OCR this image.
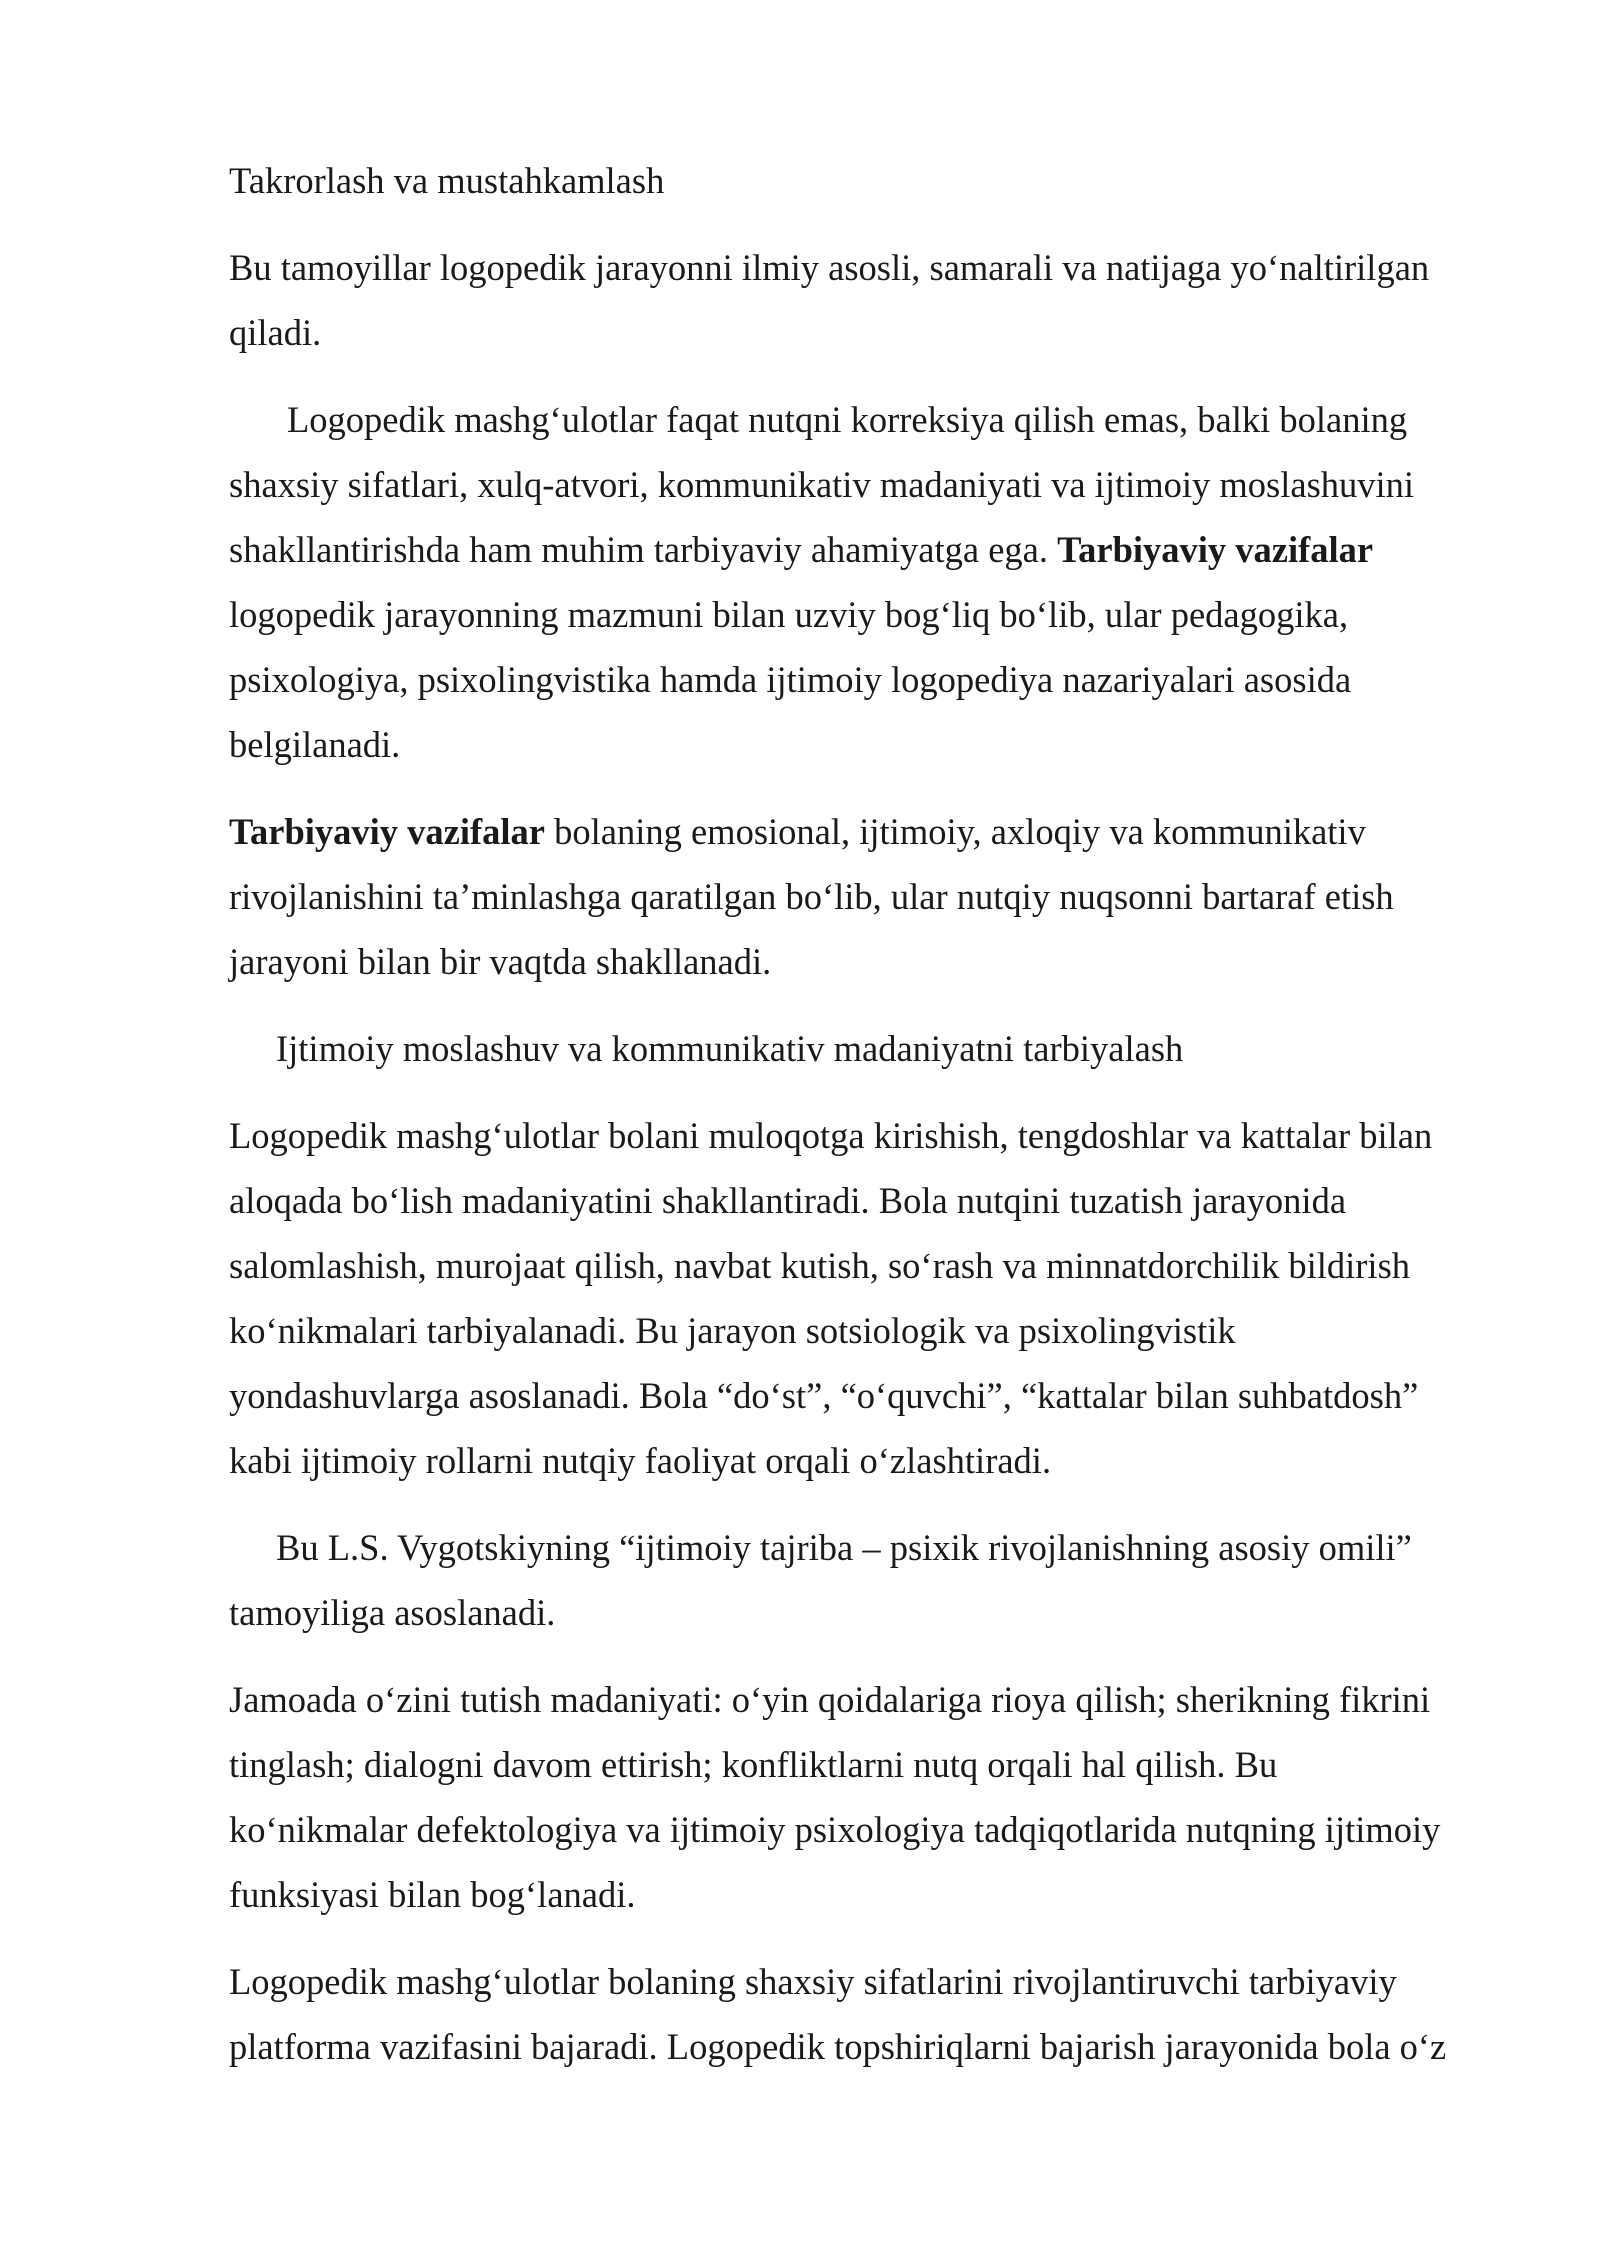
Takrorlash va mustahkamlash

Bu tamoyillar logopedik jarayonni ilmiy asosli, samarali va natijaga yo‘naltirilgan
qiladi.

Logopedik mashg‘ulotlar faqat nutqni korreksiya qilish emas, balki bolaning
shaxsiy sifatlari, xulq-atvori, kommunikativ madaniyati va ijtimoiy moslashuvini
shakllantirishda ham muhim tarbiyaviy ahamiyatga ega. Tarbiyaviy vazifalar
logopedik jarayonning mazmuni bilan uzviy bog‘liq bo‘lib, ular pedagogika,
psixologiya, psixolingvistika hamda ijtimoiy logopediya nazariyalari asosida
belgilanadi.

Tarbiyaviy vazifalar bolaning emosional, ijtimoiy, axloqiy va kommunikativ
rivojlanishini ta’minlashga qaratilgan bo‘lib, ular nutqiy nuqsonni bartaraf etish
jarayoni bilan bir vaqtda shakllanadi.

Ijtimoiy moslashuv va kommunikativ madaniyatni tarbiyalash

Logopedik mashg‘ulotlar bolani muloqotga kirishish, tengdoshlar va kattalar bilan
aloqada bo‘lish madaniyatini shakllantiradi. Bola nutqini tuzatish jarayonida
salomlashish, murojaat qilish, navbat kutish, so‘rash va minnatdorchilik bildirish
ko‘nikmalari tarbiyalanadi. Bu jarayon sotsiologik va psixolingvistik
yondashuvlarga asoslanadi. Bola “do‘st”, “o‘quvchi”, “kattalar bilan suhbatdosh”
kabi ijtimoiy rollarni nutqiy faoliyat orqali o‘zlashtiradi.

Bu L.S. Vygotskiyning “ijtimoiy tajriba – psixik rivojlanishning asosiy omili”
tamoyiliga asoslanadi.

Jamoada o‘zini tutish madaniyati: o‘yin qoidalariga rioya qilish; sherikning fikrini
tinglash; dialogni davom ettirish; konfliktlarni nutq orqali hal qilish. Bu
ko‘nikmalar defektologiya va ijtimoiy psixologiya tadqiqotlarida nutqning ijtimoiy
funksiyasi bilan bog‘lanadi.

Logopedik mashg‘ulotlar bolaning shaxsiy sifatlarini rivojlantiruvchi tarbiyaviy
platforma vazifasini bajaradi. Logopedik topshiriqlarni bajarish jarayonida bola o‘z
